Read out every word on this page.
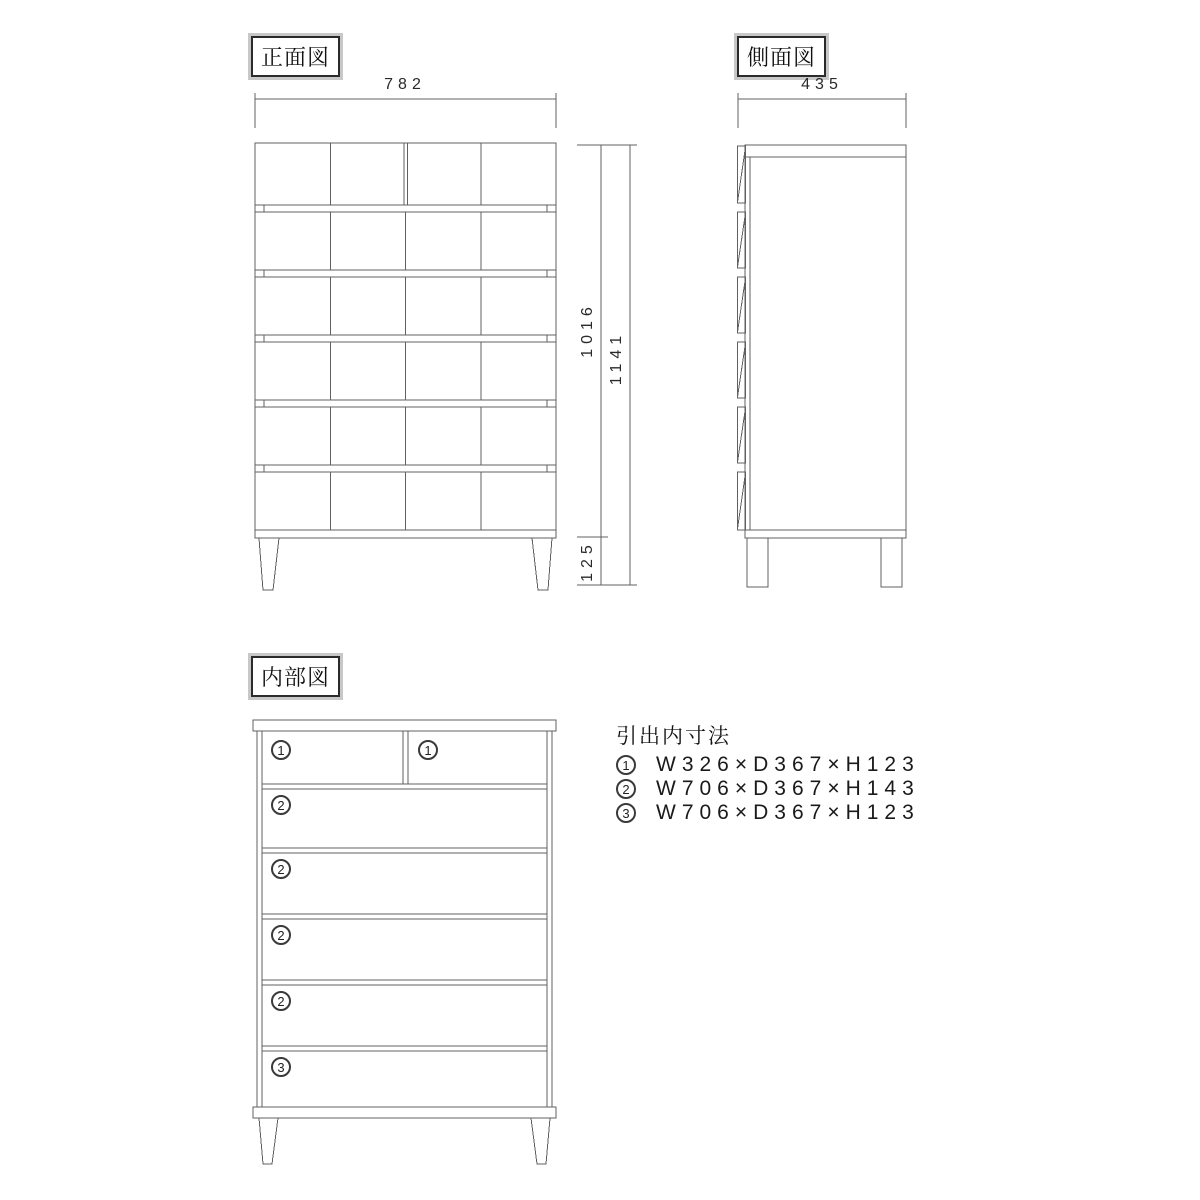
正面図
782
1016
1141
125
側面図
435
内部図
1	1
2
2
2
2
3
引出内寸法
1	W326×D367×H123
2	W706×D367×H143
3	W706×D367×H123
